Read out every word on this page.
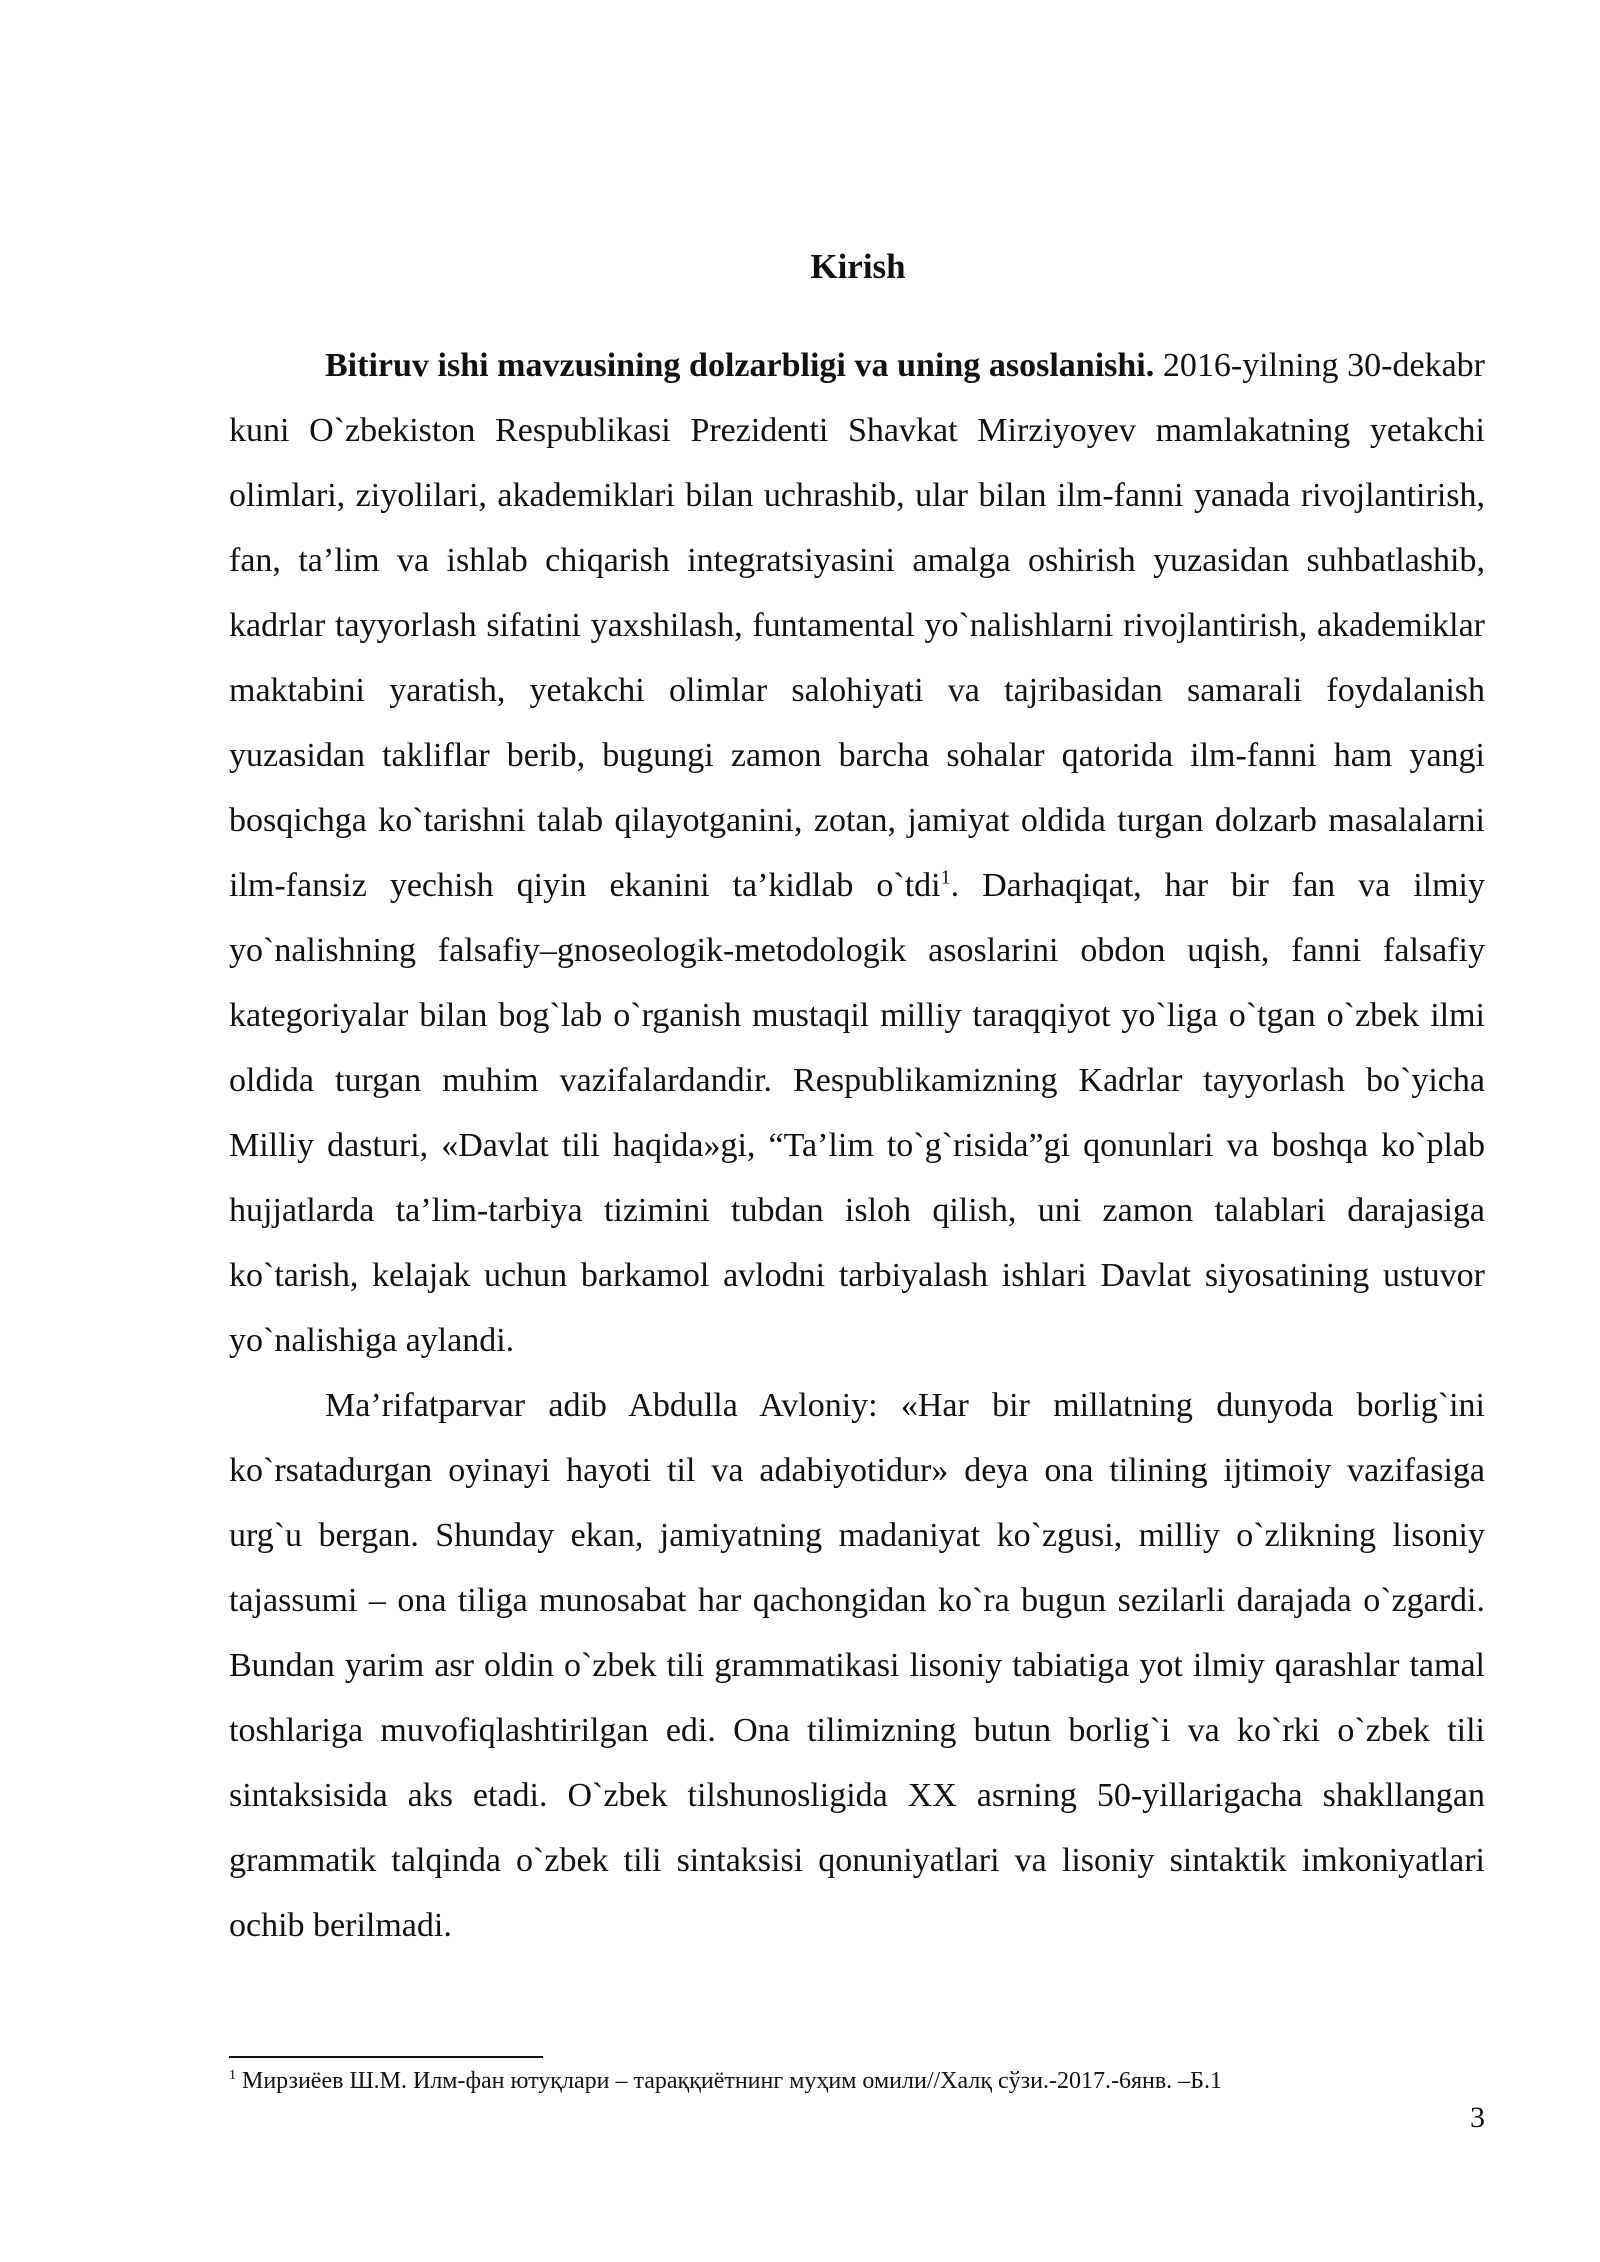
Kirish

Bitiruv ishi mavzusining dolzarbligi va uning asoslanishi. 2016-yilning 30-dekabr kuni O`zbekiston Respublikasi Prezidenti Shavkat Mirziyoyev mamlakatning yetakchi olimlari, ziyolilari, akademiklari bilan uchrashib, ular bilan ilm-fanni yanada rivojlantirish, fan, ta’lim va ishlab chiqarish integratsiyasini amalga oshirish yuzasidan suhbatlashib, kadrlar tayyorlash sifatini yaxshilash, funtamental yo`nalishlarni rivojlantirish, akademiklar maktabini yaratish, yetakchi olimlar salohiyati va tajribasidan samarali foydalanish yuzasidan takliflar berib, bugungi zamon barcha sohalar qatorida ilm-fanni ham yangi bosqichga ko`tarishni talab qilayotganini, zotan, jamiyat oldida turgan dolzarb masalalarni ilm-fansiz yechish qiyin ekanini ta’kidlab o`tdi$^1$. Darhaqiqat, har bir fan va ilmiy yo`nalishning falsafiy–gnoseologik-metodologik asoslarini obdon uqish, fanni falsafiy kategoriyalar bilan bog`lab o`rganish mustaqil milliy taraqqiyot yo`liga o`tgan o`zbek ilmi oldida turgan muhim vazifalardandir. Respublikamizning Kadrlar tayyorlash bo`yicha Milliy dasturi, «Davlat tili haqida»gi, “Ta’lim to`g`risida”gi qonunlari va boshqa ko`plab hujjatlarda ta’lim-tarbiya tizimini tubdan isloh qilish, uni zamon talablari darajasiga ko`tarish, kelajak uchun barkamol avlodni tarbiyalash ishlari Davlat siyosatining ustuvor yo`nalishiga aylandi.

Ma’rifatparvar adib Abdulla Avloniy: «Har bir millatning dunyoda borlig`ini ko`rsatadurgan oyinayi hayoti til va adabiyotidur» deya ona tilining ijtimoiy vazifasiga urg`u bergan. Shunday ekan, jamiyatning madaniyat ko`zgusi, milliy o`zlikning lisoniy tajassumi – ona tiliga munosabat har qachongidan ko`ra bugun sezilarli darajada o`zgardi. Bundan yarim asr oldin o`zbek tili grammatikasi lisoniy tabiatiga yot ilmiy qarashlar tamal toshlariga muvofiqlashtirilgan edi. Ona tilimizning butun borlig`i va ko`rki o`zbek tili sintaksisida aks etadi. O`zbek tilshunosligida XX asrning 50-yillarigacha shakllangan grammatik talqinda o`zbek tili sintaksisi qonuniyatlari va lisoniy sintaktik imkoniyatlari ochib berilmadi.

$^1$ Мирзиёев Ш.М. Илм-фан ютуқлари – тараққиётнинг муҳим омили//Халқ сўзи.-2017.-6янв. –Б.1
3
